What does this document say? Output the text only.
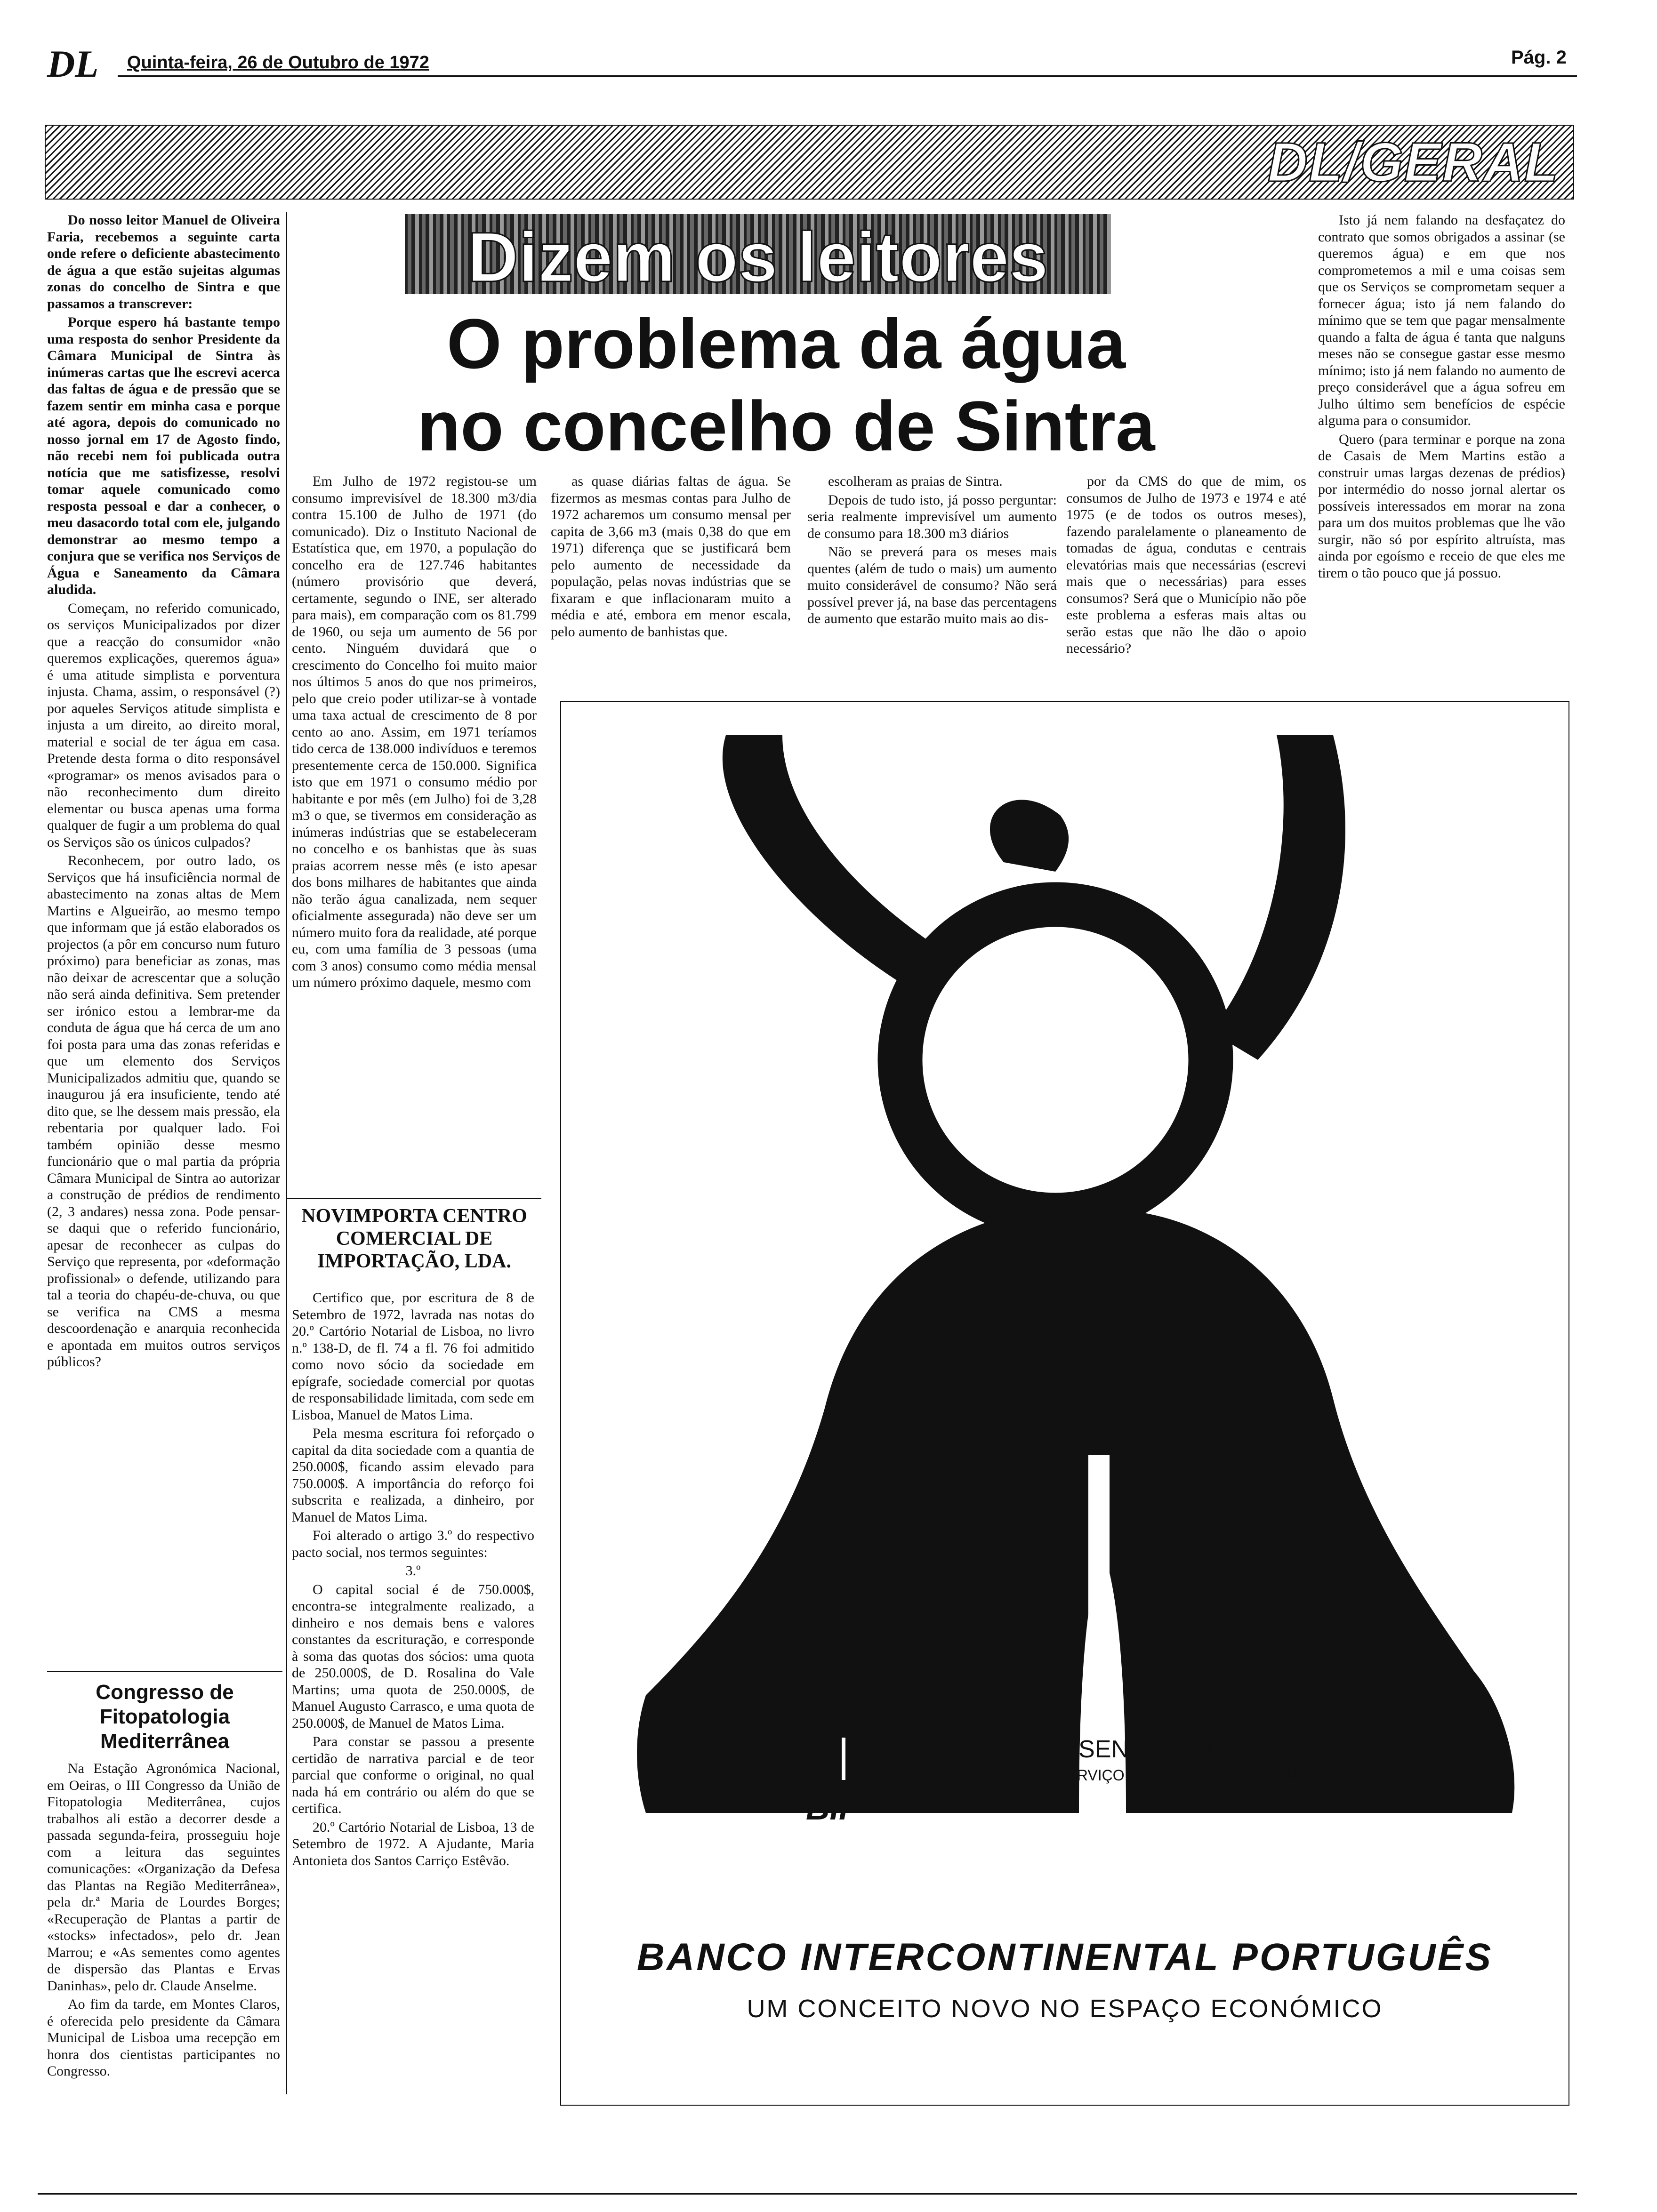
DL Quinta-feira, 26 de Outubro de 1972	Pág. 2
DL/GERAL
Dizem os leitores
O problema da água
no concelho de Sintra

Do nosso leitor Manuel de Oliveira Faria, recebemos a seguinte carta onde refere o deficiente abastecimento de água a que estão sujeitas algumas zonas do concelho de Sintra e que passamos a transcrever:

Porque espero há bastante tempo uma resposta do senhor Presidente da Câmara Municipal de Sintra às inúmeras cartas que lhe escrevi acerca das faltas de água e de pressão que se fazem sentir em minha casa e porque até agora, depois do comunicado no nosso jornal em 17 de Agosto findo, não recebi nem foi publicada outra notícia que me satisfizesse, resolvi tomar aquele comunicado como resposta pessoal e dar a conhecer, o meu dasacordo total com ele, julgando demonstrar ao mesmo tempo a conjura que se verifica nos Serviços de Água e Saneamento da Câmara aludida.

Começam, no referido comunicado, os serviços Municipalizados por dizer que a reacção do consumidor «não queremos explicações, queremos água» é uma atitude simplista e porventura injusta. Chama, assim, o responsável (?) por aqueles Serviços atitude simplista e injusta a um direito, ao direito moral, material e social de ter água em casa. Pretende desta forma o dito responsável «programar» os menos avisados para o não reconhecimento dum direito elementar ou busca apenas uma forma qualquer de fugir a um problema do qual os Serviços são os únicos culpados?

Reconhecem, por outro lado, os Serviços que há insuficiência normal de abastecimento na zonas altas de Mem Martins e Algueirão, ao mesmo tempo que informam que já estão elaborados os projectos (a pôr em concurso num futuro próximo) para beneficiar as zonas, mas não deixar de acrescentar que a solução não será ainda definitiva. Sem pretender ser irónico estou a lembrar-me da conduta de água que há cerca de um ano foi posta para uma das zonas referidas e que um elemento dos Serviços Municipalizados admitiu que, quando se inaugurou já era insuficiente, tendo até dito que, se lhe dessem mais pressão, ela rebentaria por qualquer lado. Foi também opinião desse mesmo funcionário que o mal partia da própria Câmara Municipal de Sintra ao autorizar a construção de prédios de rendimento (2, 3 andares) nessa zona. Pode pensar-se daqui que o referido funcionário, apesar de reconhecer as culpas do Serviço que representa, por «deformação profissional» o defende, utilizando para tal a teoria do chapéu-de-chuva, ou que se verifica na CMS a mesma descoordenação e anarquia reconhecida e apontada em muitos outros serviços públicos?

Em Julho de 1972 registou-se um consumo imprevisível de 18.300 m3/dia contra 15.100 de Julho de 1971 (do comunicado). Diz o Instituto Nacional de Estatística que, em 1970, a população do concelho era de 127.746 habitantes (número provisório que deverá, certamente, segundo o INE, ser alterado para mais), em comparação com os 81.799 de 1960, ou seja um aumento de 56 por cento. Ninguém duvidará que o crescimento do Concelho foi muito maior nos últimos 5 anos do que nos primeiros, pelo que creio poder utilizar-se à vontade uma taxa actual de crescimento de 8 por cento ao ano. Assim, em 1971 teríamos tido cerca de 138.000 indivíduos e teremos presentemente cerca de 150.000. Significa isto que em 1971 o consumo médio por habitante e por mês (em Julho) foi de 3,28 m3 o que, se tivermos em consideração as inúmeras indústrias que se estabeleceram no concelho e os banhistas que às suas praias acorrem nesse mês (e isto apesar dos bons milhares de habitantes que ainda não terão água canalizada, nem sequer oficialmente assegurada) não deve ser um número muito fora da realidade, até porque eu, com uma família de 3 pessoas (uma com 3 anos) consumo como média mensal um número próximo daquele, mesmo com

as quase diárias faltas de água. Se fizermos as mesmas contas para Julho de 1972 acharemos um consumo mensal per capita de 3,66 m3 (mais 0,38 do que em 1971) diferença que se justificará bem pelo aumento de necessidade da população, pelas novas indústrias que se fixaram e que inflacionaram muito a média e até, embora em menor escala, pelo aumento de banhistas que.

escolheram as praias de Sintra.

Depois de tudo isto, já posso perguntar: seria realmente imprevisível um aumento de consumo para 18.300 m3 diários

Não se preverá para os meses mais quentes (além de tudo o mais) um aumento muito considerável de consumo? Não será possível prever já, na base das percentagens de aumento que estarão muito mais ao dis-

por da CMS do que de mim, os consumos de Julho de 1973 e 1974 e até 1975 (e de todos os outros meses), fazendo paralelamente o planeamento de tomadas de água, condutas e centrais elevatórias mais que necessárias (escrevi mais que o necessárias) para esses consumos? Será que o Município não põe este problema a esferas mais altas ou serão estas que não lhe dão o apoio necessário?

Isto já nem falando na desfaçatez do contrato que somos obrigados a assinar (se queremos água) e em que nos comprometemos a mil e uma coisas sem que os Serviços se comprometam sequer a fornecer água; isto já nem falando do mínimo que se tem que pagar mensalmente quando a falta de água é tanta que nalguns meses não se consegue gastar esse mesmo mínimo; isto já nem falando no aumento de preço considerável que a água sofreu em Julho último sem benefícios de espécie alguma para o consumidor.

Quero (para terminar e porque na zona de Casais de Mem Martins estão a construir umas largas dezenas de prédios) por intermédio do nosso jornal alertar os possíveis interessados em morar na zona para um dos muitos problemas que lhe vão surgir, não só por espírito altruísta, mas ainda por egoísmo e receio de que eles me tirem o tão pouco que já possuo.

Congresso de Fitopatologia Mediterrânea

Na Estação Agronómica Nacional, em Oeiras, o III Congresso da União de Fitopatologia Mediterrânea, cujos trabalhos ali estão a decorrer desde a passada segunda-feira, prosseguiu hoje com a leitura das seguintes comunicações: «Organização da Defesa das Plantas na Região Mediterrânea», pela dr.ª Maria de Lourdes Borges; «Recuperação de Plantas a partir de «stocks» infectados», pelo dr. Jean Marrou; e «As sementes como agentes de dispersão das Plantas e Ervas Daninhas», pelo dr. Claude Anselme.

Ao fim da tarde, em Montes Claros, é oferecida pelo presidente da Câmara Municipal de Lisboa uma recepção em honra dos cientistas participantes no Congresso.

NOVIMPORTA CENTRO COMERCIAL DE IMPORTAÇÃO, LDA.

Certifico que, por escritura de 8 de Setembro de 1972, lavrada nas notas do 20.º Cartório Notarial de Lisboa, no livro n.º 138-D, de fl. 74 a fl. 76 foi admitido como novo sócio da sociedade em epígrafe, sociedade comercial por quotas de responsabilidade limitada, com sede em Lisboa, Manuel de Matos Lima.

Pela mesma escritura foi reforçado o capital da dita sociedade com a quantia de 250.000$, ficando assim elevado para 750.000$. A importância do reforço foi subscrita e realizada, a dinheiro, por Manuel de Matos Lima.

Foi alterado o artigo 3.º do respectivo pacto social, nos termos seguintes:

3.º

O capital social é de 750.000$, encontra-se integralmente realizado, a dinheiro e nos demais bens e valores constantes da escrituração, e corresponde à soma das quotas dos sócios: uma quota de 250.000$, de D. Rosalina do Vale Martins; uma quota de 250.000$, de Manuel Augusto Carrasco, e uma quota de 250.000$, de Manuel de Matos Lima.

Para constar se passou a presente certidão de narrativa parcial e de teor parcial que conforme o original, no qual nada há em contrário ou além do que se certifica.

20.º Cartório Notarial de Lisboa, 13 de Setembro de 1972. A Ajudante, Maria Antonieta dos Santos Carriço Estêvão.

BIP
PRESENTE NA MADEIRA
AO SERVIÇO DA ECONOMIA NACIONAL
BANCO INTERCONTINENTAL PORTUGUÊS
UM CONCEITO NOVO NO ESPAÇO ECONÓMICO
